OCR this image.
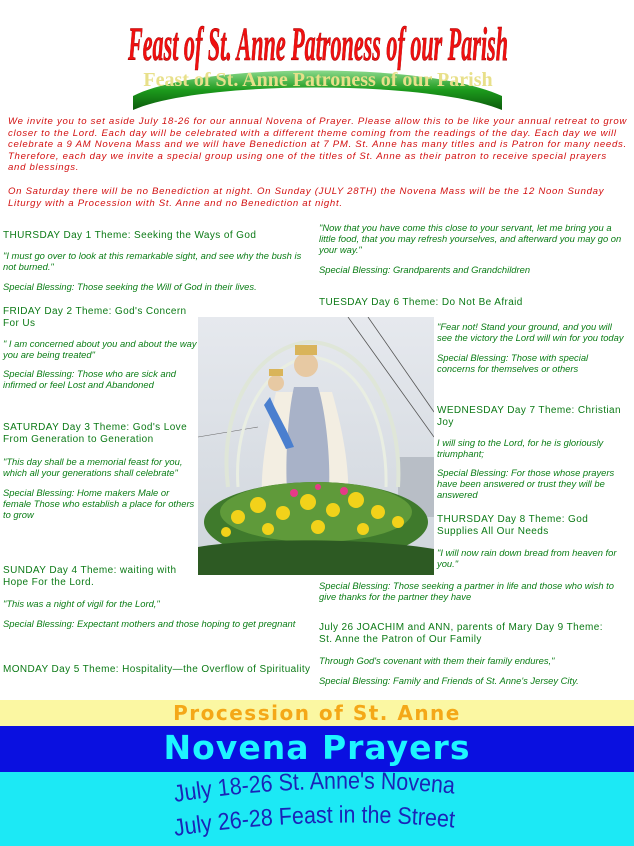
Feast of St. Anne Patroness of our Parish
Feast of St. Anne Patroness of our Parish

We invite you to set aside July 18-26 for our annual Novena of Prayer. Please allow this to be like your annual retreat to grow closer to the Lord. Each day will be celebrated with a different theme coming from the readings of the day. Each day we will celebrate a 9 AM Novena Mass and we will have Benediction at 7 PM. St. Anne has many titles and is Patron for many needs. Therefore, each day we invite a special group using one of the titles of St. Anne as their patron to receive special prayers and blessings.

On Saturday there will be no Benediction at night. On Sunday (JULY 28TH) the Novena Mass will be the 12 Noon Sunday Liturgy with a Procession with St. Anne and no Benediction at night.

THURSDAY Day 1 Theme: Seeking the Ways of God

"I must go over to look at this remarkable sight, and see why the bush is not burned."

Special Blessing: Those seeking the Will of God in their lives.

FRIDAY Day 2 Theme: God's Concern For Us

" I am concerned about you and about the way you are being treated"

Special Blessing: Those who are sick and infirmed or feel Lost and Abandoned

SATURDAY Day 3 Theme: God's Love From Generation to Generation

"This day shall be a memorial feast for you, which all your generations shall celebrate"

Special Blessing: Home makers Male or female Those who establish a place for others to grow

SUNDAY Day 4 Theme: waiting with Hope For the Lord.

"This was a night of vigil for the Lord,"

Special Blessing: Expectant mothers and those hoping to get pregnant

MONDAY Day 5 Theme: Hospitality—the Overflow of Spirituality

"Now that you have come this close to your servant, let me bring you a little food, that you may refresh yourselves, and afterward you may go on your way."

Special Blessing: Grandparents and Grandchildren

TUESDAY Day 6 Theme: Do Not Be Afraid

"Fear not! Stand your ground, and you will see the victory the Lord will win for you today

Special Blessing: Those with special concerns for themselves or others

WEDNESDAY Day 7 Theme: Christian Joy

I will sing to the Lord, for he is gloriously triumphant;

Special Blessing: For those whose prayers have been answered or trust they will be answered

THURSDAY Day 8 Theme: God Supplies All Our Needs

"I will now rain down bread from heaven for you."

Special Blessing: Those seeking a partner in life and those who wish to give thanks for the partner they have

July 26 JOACHIM and ANN, parents of Mary Day 9 Theme: St. Anne the Patron of Our Family

Through God's covenant with them their family endures,"

Special Blessing: Family and Friends of St. Anne's Jersey City.

Procession of St. Anne
Novena Prayers
July 18-26 St. Anne's Novena
July 26-28 Feast in the Street
